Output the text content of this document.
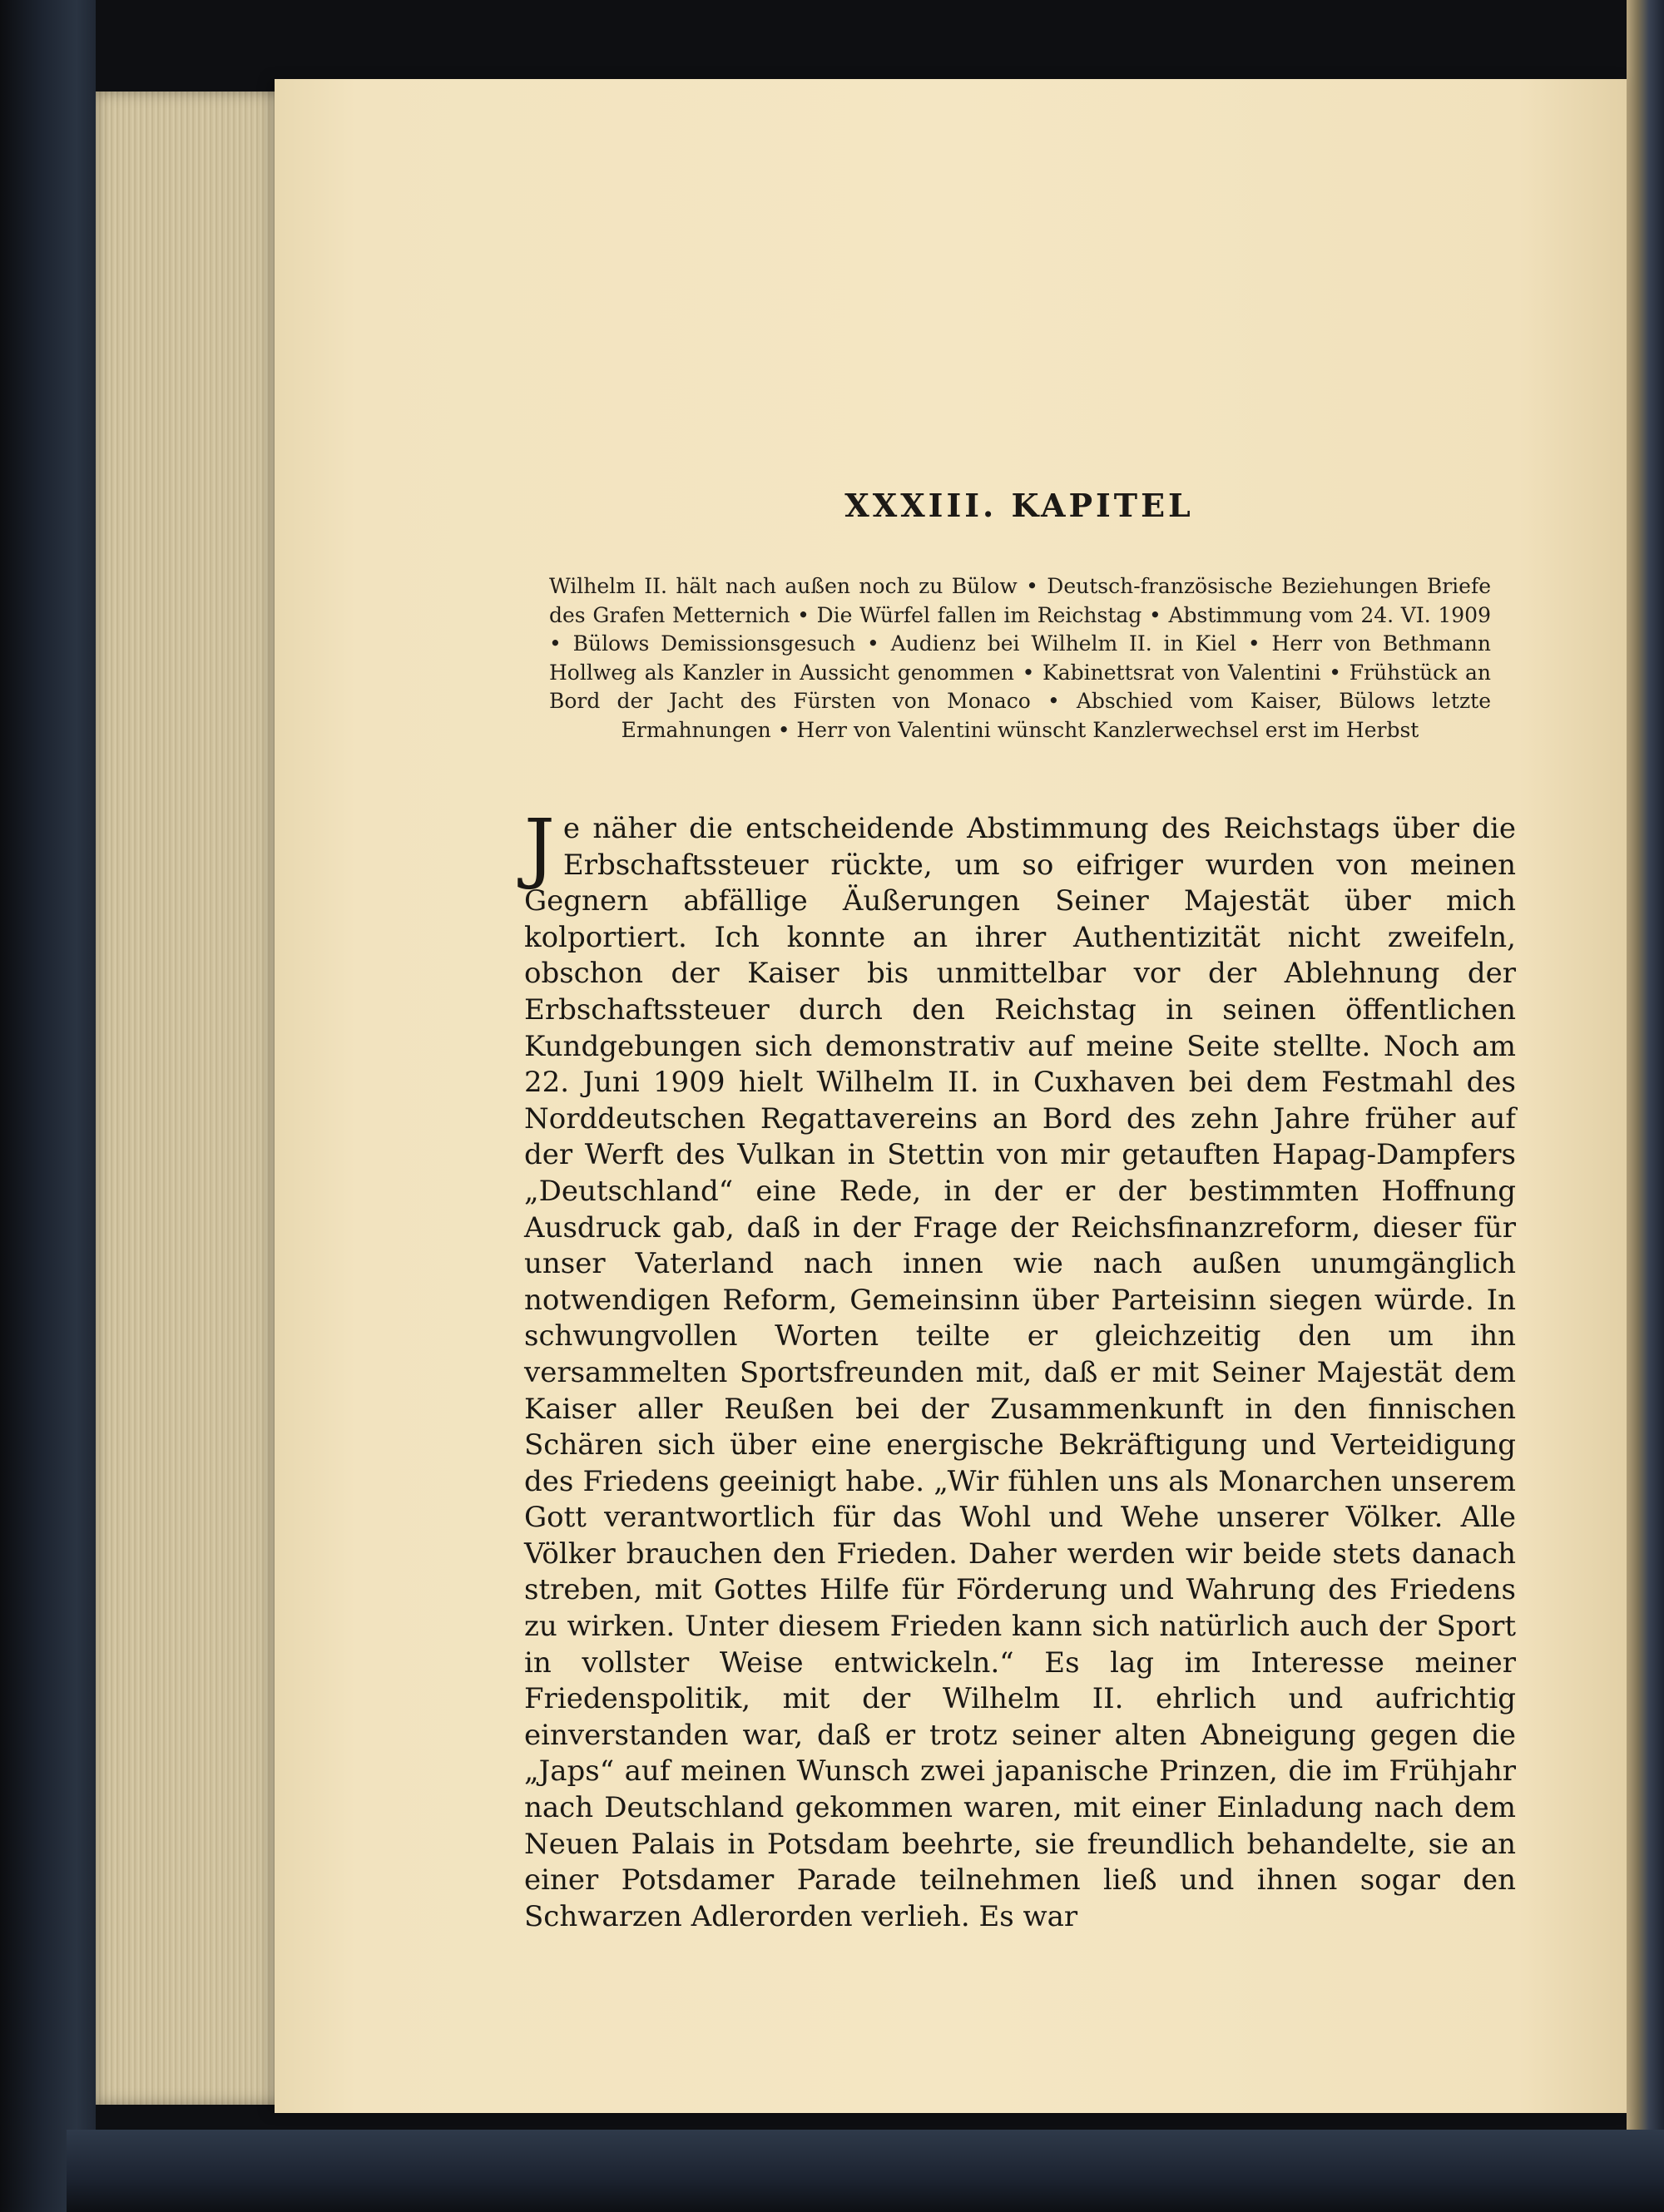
XXXIII. KAPITEL

Wilhelm II. hält nach außen noch zu Bülow • Deutsch-französische Beziehungen Briefe des Grafen Metternich • Die Würfel fallen im Reichstag • Abstimmung vom 24. VI. 1909 • Bülows Demissionsgesuch • Audienz bei Wilhelm II. in Kiel • Herr von Bethmann Hollweg als Kanzler in Aussicht genommen • Kabinettsrat von Valentini • Frühstück an Bord der Jacht des Fürsten von Monaco • Abschied vom Kaiser, Bülows letzte Ermahnungen • Herr von Valentini wünscht Kanzlerwechsel erst im Herbst

Je näher die entscheidende Abstimmung des Reichstags über die Erbschaftssteuer rückte, um so eifriger wurden von meinen Gegnern abfällige Äußerungen Seiner Majestät über mich kolportiert. Ich konnte an ihrer Authentizität nicht zweifeln, obschon der Kaiser bis unmittelbar vor der Ablehnung der Erbschaftssteuer durch den Reichstag in seinen öffentlichen Kundgebungen sich demonstrativ auf meine Seite stellte. Noch am 22. Juni 1909 hielt Wilhelm II. in Cuxhaven bei dem Festmahl des Norddeutschen Regattavereins an Bord des zehn Jahre früher auf der Werft des Vulkan in Stettin von mir getauften Hapag-Dampfers „Deutschland“ eine Rede, in der er der bestimmten Hoffnung Ausdruck gab, daß in der Frage der Reichsfinanzreform, dieser für unser Vaterland nach innen wie nach außen unumgänglich notwendigen Reform, Gemeinsinn über Parteisinn siegen würde. In schwungvollen Worten teilte er gleichzeitig den um ihn versammelten Sportsfreunden mit, daß er mit Seiner Majestät dem Kaiser aller Reußen bei der Zusammenkunft in den finnischen Schären sich über eine energische Bekräftigung und Verteidigung des Friedens geeinigt habe. „Wir fühlen uns als Monarchen unserem Gott verantwortlich für das Wohl und Wehe unserer Völker. Alle Völker brauchen den Frieden. Daher werden wir beide stets danach streben, mit Gottes Hilfe für Förderung und Wahrung des Friedens zu wirken. Unter diesem Frieden kann sich natürlich auch der Sport in vollster Weise entwickeln.“ Es lag im Interesse meiner Friedenspolitik, mit der Wilhelm II. ehrlich und aufrichtig einverstanden war, daß er trotz seiner alten Abneigung gegen die „Japs“ auf meinen Wunsch zwei japanische Prinzen, die im Frühjahr nach Deutschland gekommen waren, mit einer Einladung nach dem Neuen Palais in Potsdam beehrte, sie freundlich behandelte, sie an einer Potsdamer Parade teilnehmen ließ und ihnen sogar den Schwarzen Adlerorden verlieh. Es war
